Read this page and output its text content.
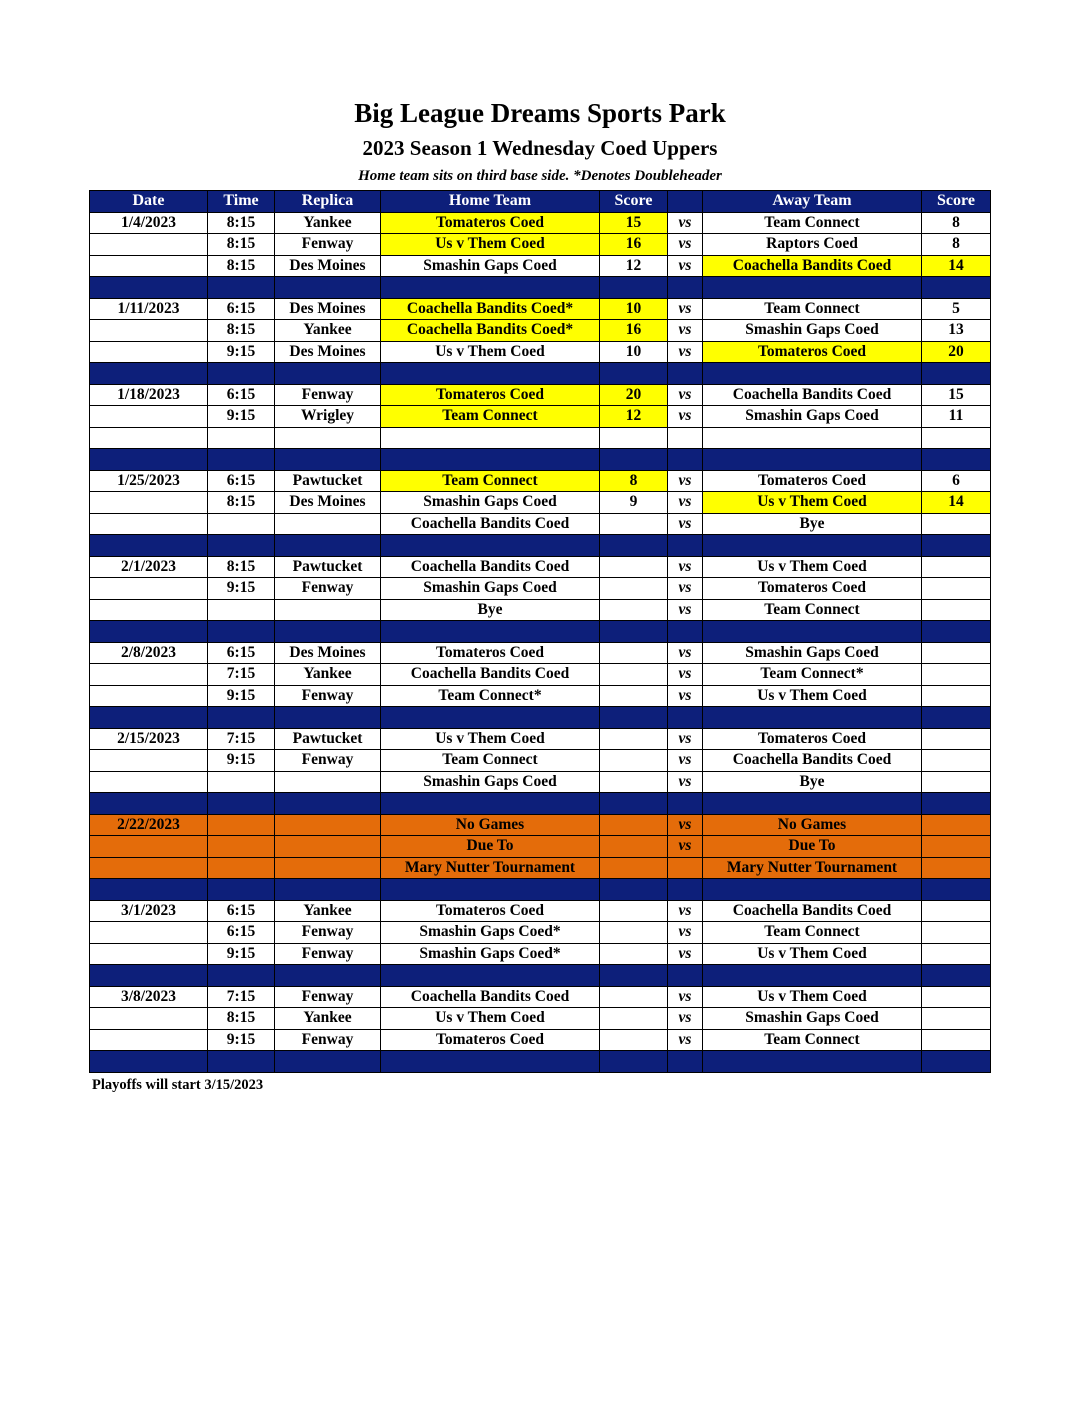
Big League Dreams Sports Park
2023 Season 1 Wednesday Coed Uppers
Home team sits on third base side. *Denotes Doubleheader
Date	Time	Replica	Home Team	Score		Away Team	Score
1/4/2023	8:15	Yankee	Tomateros Coed	15	vs	Team Connect	8
	8:15	Fenway	Us v Them Coed	16	vs	Raptors Coed	8
	8:15	Des Moines	Smashin Gaps Coed	12	vs	Coachella Bandits Coed	14

1/11/2023	6:15	Des Moines	Coachella Bandits Coed*	10	vs	Team Connect	5
	8:15	Yankee	Coachella Bandits Coed*	16	vs	Smashin Gaps Coed	13
	9:15	Des Moines	Us v Them Coed	10	vs	Tomateros Coed	20

1/18/2023	6:15	Fenway	Tomateros Coed	20	vs	Coachella Bandits Coed	15
	9:15	Wrigley	Team Connect	12	vs	Smashin Gaps Coed	11

1/25/2023	6:15	Pawtucket	Team Connect	8	vs	Tomateros Coed	6
	8:15	Des Moines	Smashin Gaps Coed	9	vs	Us v Them Coed	14
			Coachella Bandits Coed		vs	Bye	

2/1/2023	8:15	Pawtucket	Coachella Bandits Coed		vs	Us v Them Coed	
	9:15	Fenway	Smashin Gaps Coed		vs	Tomateros Coed	
			Bye		vs	Team Connect	

2/8/2023	6:15	Des Moines	Tomateros Coed		vs	Smashin Gaps Coed	
	7:15	Yankee	Coachella Bandits Coed		vs	Team Connect*	
	9:15	Fenway	Team Connect*		vs	Us v Them Coed	

2/15/2023	7:15	Pawtucket	Us v Them Coed		vs	Tomateros Coed	
	9:15	Fenway	Team Connect		vs	Coachella Bandits Coed	
			Smashin Gaps Coed		vs	Bye	

2/22/2023			No Games		vs	No Games	
			Due To		vs	Due To	
			Mary Nutter Tournament			Mary Nutter Tournament	

3/1/2023	6:15	Yankee	Tomateros Coed		vs	Coachella Bandits Coed	
	6:15	Fenway	Smashin Gaps Coed*		vs	Team Connect	
	9:15	Fenway	Smashin Gaps Coed*		vs	Us v Them Coed	

3/8/2023	7:15	Fenway	Coachella Bandits Coed		vs	Us v Them Coed	
	8:15	Yankee	Us v Them Coed		vs	Smashin Gaps Coed	
	9:15	Fenway	Tomateros Coed		vs	Team Connect	

Playoffs will start 3/15/2023
